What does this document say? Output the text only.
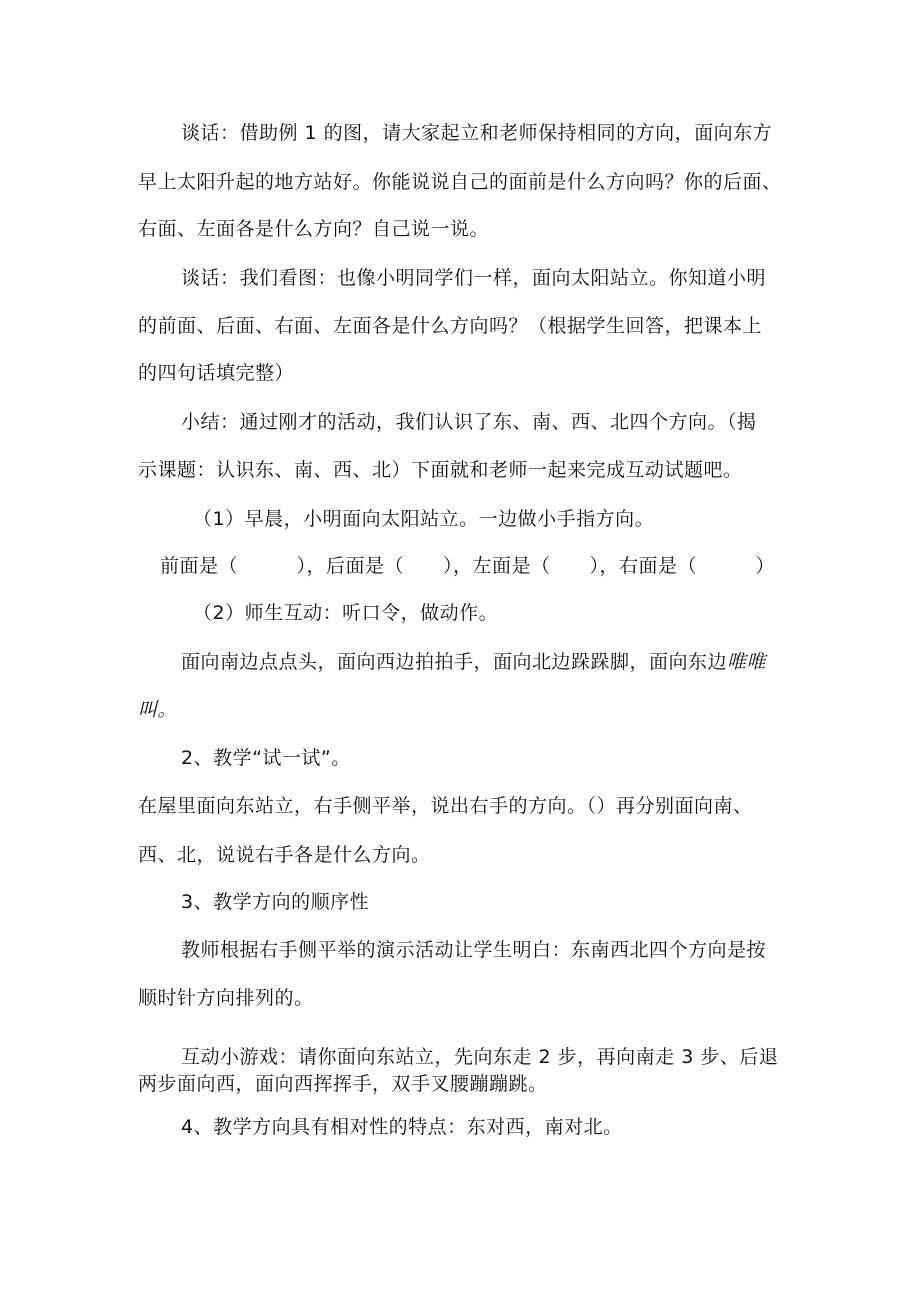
谈话：借助例 1 的图，请大家起立和老师保持相同的方向，面向东方
早上太阳升起的地方站好。你能说说自己的面前是什么方向吗？你的后面、
右面、左面各是什么方向？自己说一说。
谈话：我们看图：也像小明同学们一样，面向太阳站立。你知道小明
的前面、后面、右面、左面各是什么方向吗？（根据学生回答，把课本上
的四句话填完整）
小结：通过刚才的活动，我们认识了东、南、西、北四个方向。（揭
示课题：认识东、南、西、北）下面就和老师一起来完成互动试题吧。
（1）早晨，小明面向太阳站立。一边做小手指方向。
前面是（　　　），后面是（　　），左面是（　　），右面是（　　　）
（2）师生互动：听口令，做动作。
面向南边点点头，面向西边拍拍手，面向北边跺跺脚，面向东边唯唯
叫。
2、教学“试一试”。
在屋里面向东站立，右手侧平举，说出右手的方向。（）再分别面向南、
西、北，说说右手各是什么方向。
3、教学方向的顺序性
教师根据右手侧平举的演示活动让学生明白：东南西北四个方向是按
顺时针方向排列的。
互动小游戏：请你面向东站立，先向东走 2 步，再向南走 3 步、后退
两步面向西，面向西挥挥手，双手叉腰蹦蹦跳。
4、教学方向具有相对性的特点：东对西，南对北。
